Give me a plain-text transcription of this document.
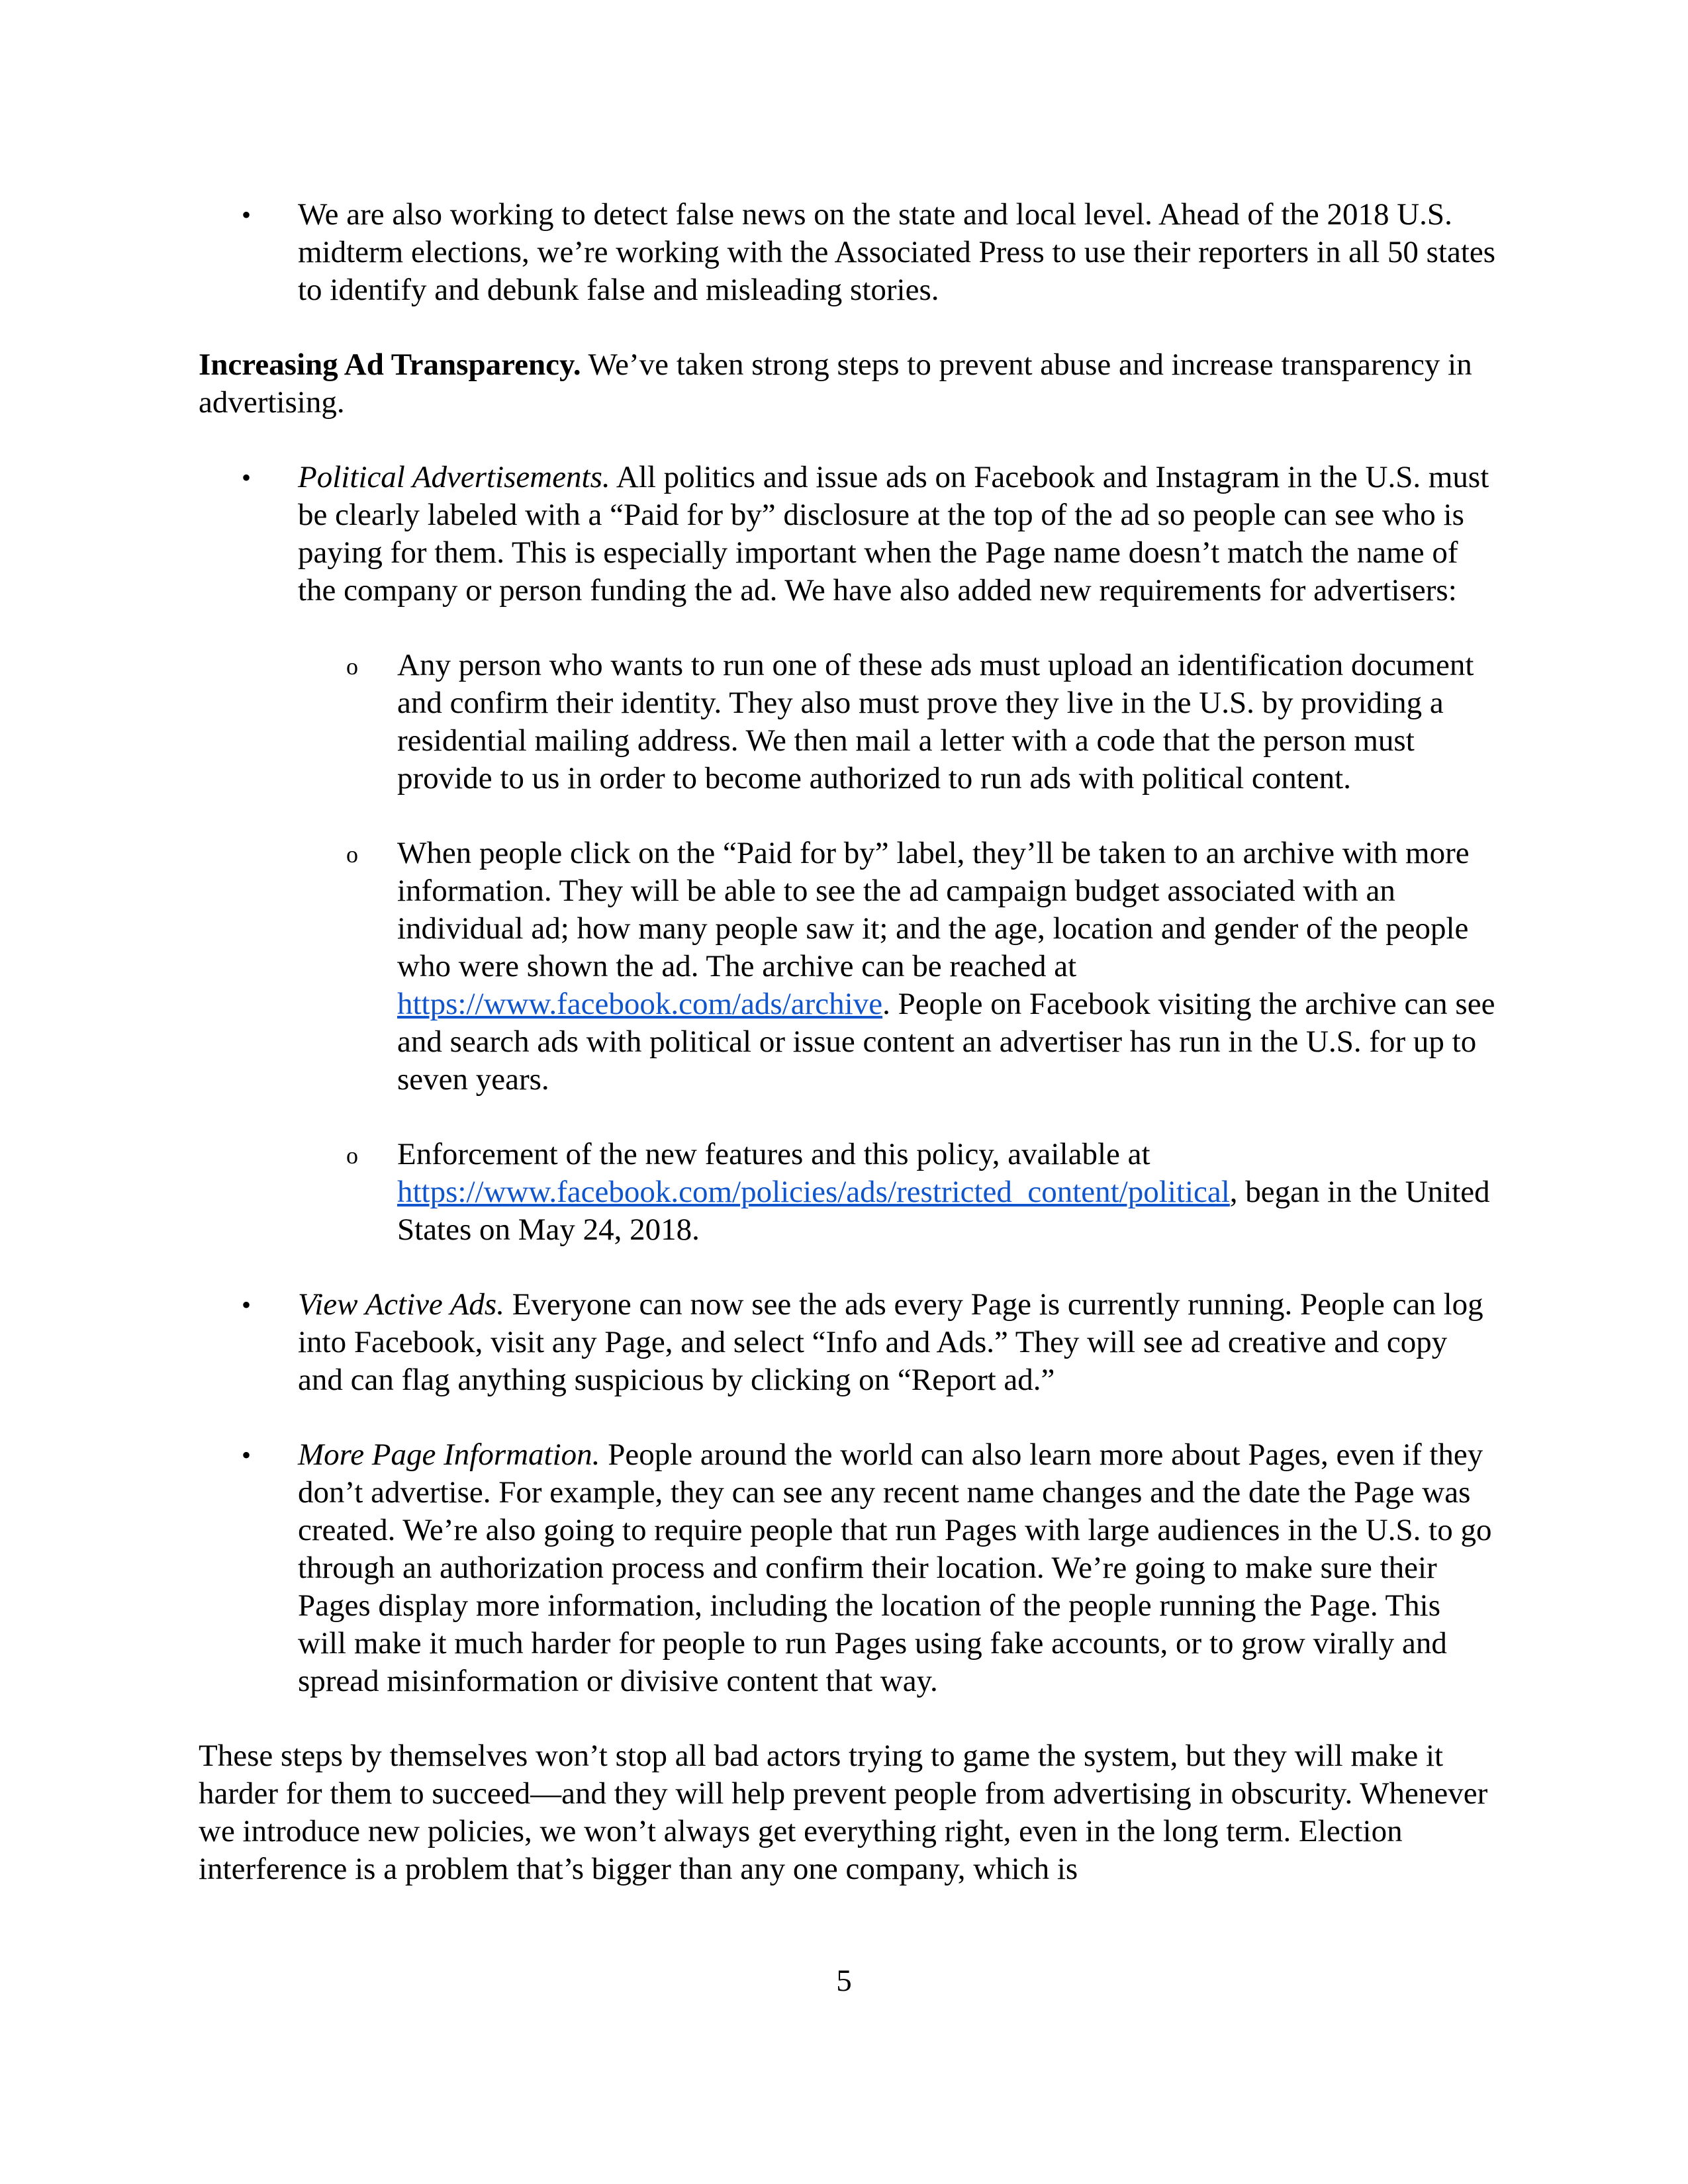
• We are also working to detect false news on the state and local level. Ahead of the 2018 U.S. midterm elections, we’re working with the Associated Press to use their reporters in all 50 states to identify and debunk false and misleading stories.

Increasing Ad Transparency. We’ve taken strong steps to prevent abuse and increase transparency in advertising.

• Political Advertisements. All politics and issue ads on Facebook and Instagram in the U.S. must be clearly labeled with a “Paid for by” disclosure at the top of the ad so people can see who is paying for them. This is especially important when the Page name doesn’t match the name of the company or person funding the ad. We have also added new requirements for advertisers:

o Any person who wants to run one of these ads must upload an identification document and confirm their identity. They also must prove they live in the U.S. by providing a residential mailing address. We then mail a letter with a code that the person must provide to us in order to become authorized to run ads with political content.

o When people click on the “Paid for by” label, they’ll be taken to an archive with more information. They will be able to see the ad campaign budget associated with an individual ad; how many people saw it; and the age, location and gender of the people who were shown the ad. The archive can be reached at https://www.facebook.com/ads/archive. People on Facebook visiting the archive can see and search ads with political or issue content an advertiser has run in the U.S. for up to seven years.

o Enforcement of the new features and this policy, available at https://www.facebook.com/policies/ads/restricted_content/political, began in the United States on May 24, 2018.

• View Active Ads. Everyone can now see the ads every Page is currently running. People can log into Facebook, visit any Page, and select “Info and Ads.” They will see ad creative and copy and can flag anything suspicious by clicking on “Report ad.”

• More Page Information. People around the world can also learn more about Pages, even if they don’t advertise. For example, they can see any recent name changes and the date the Page was created. We’re also going to require people that run Pages with large audiences in the U.S. to go through an authorization process and confirm their location. We’re going to make sure their Pages display more information, including the location of the people running the Page. This will make it much harder for people to run Pages using fake accounts, or to grow virally and spread misinformation or divisive content that way.

These steps by themselves won’t stop all bad actors trying to game the system, but they will make it harder for them to succeed—and they will help prevent people from advertising in obscurity. Whenever we introduce new policies, we won’t always get everything right, even in the long term. Election interference is a problem that’s bigger than any one company, which is

5
